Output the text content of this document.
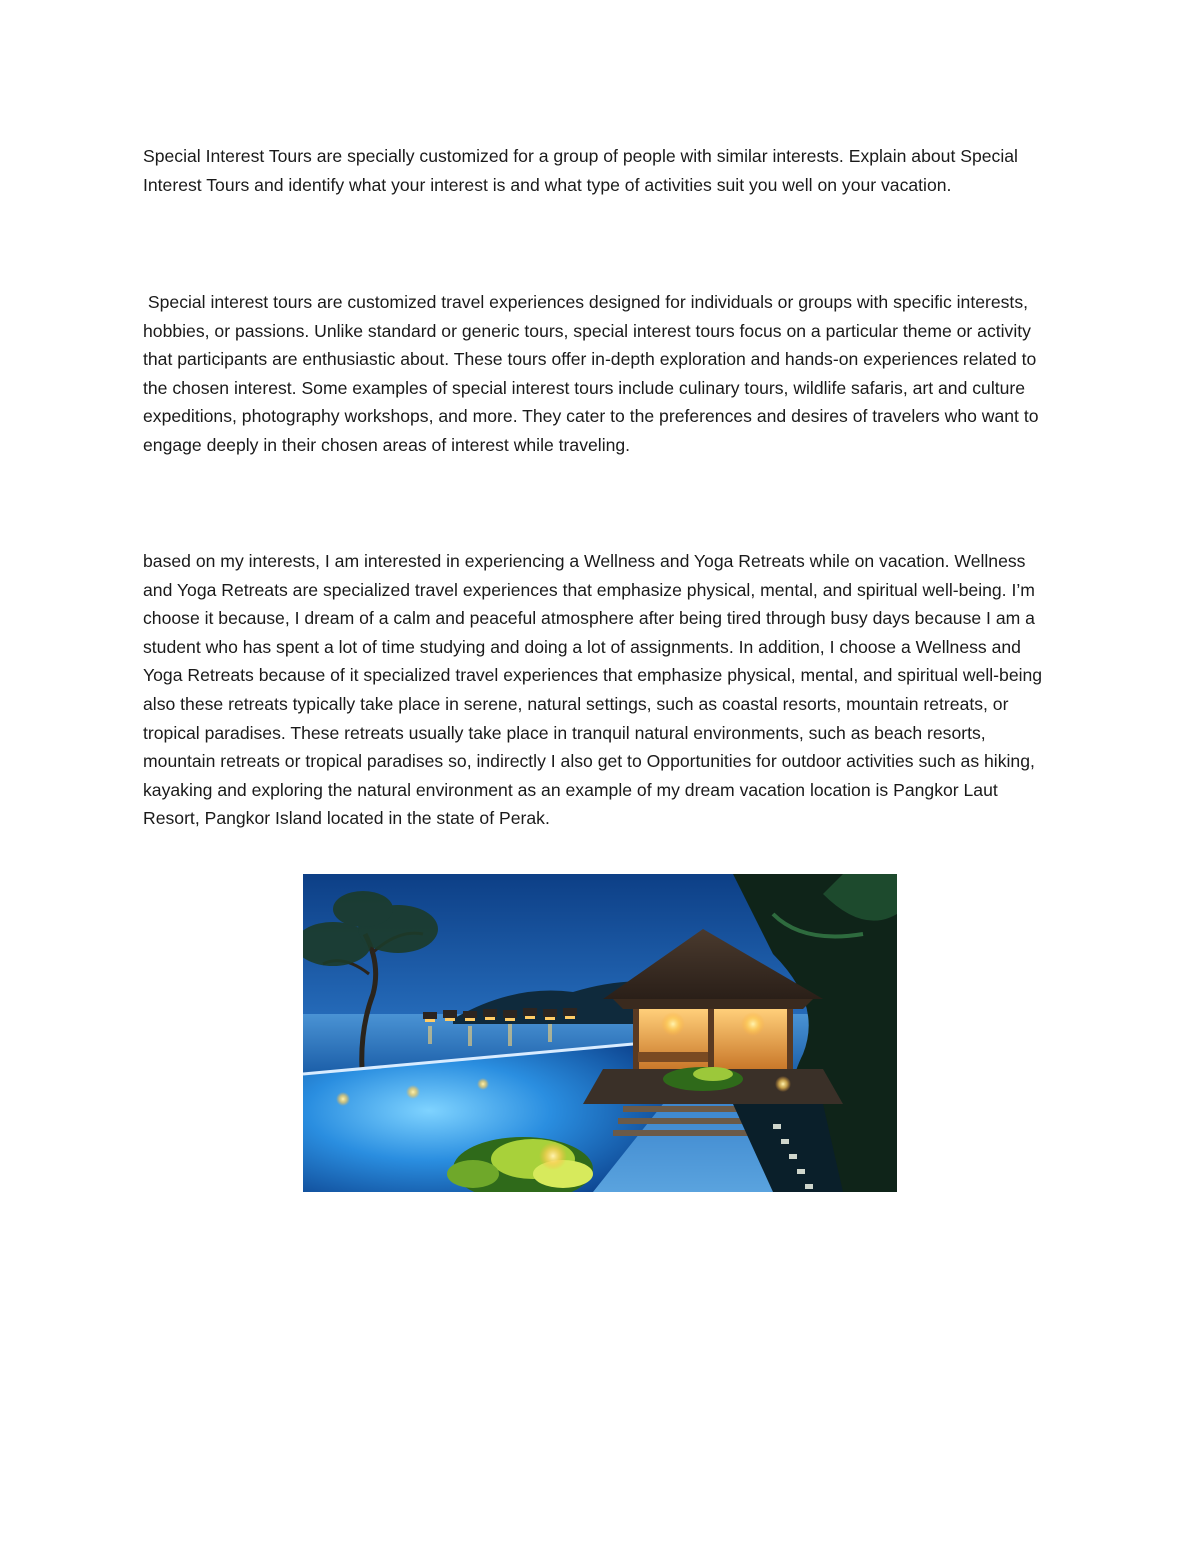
Special Interest Tours are specially customized for a group of people with similar interests. Explain about Special Interest Tours and identify what your interest is and what type of activities suit you well on your vacation.

Special interest tours are customized travel experiences designed for individuals or groups with specific interests, hobbies, or passions. Unlike standard or generic tours, special interest tours focus on a particular theme or activity that participants are enthusiastic about. These tours offer in-depth exploration and hands-on experiences related to the chosen interest. Some examples of special interest tours include culinary tours, wildlife safaris, art and culture expeditions, photography workshops, and more. They cater to the preferences and desires of travelers who want to engage deeply in their chosen areas of interest while traveling.

based on my interests, I am interested in experiencing a Wellness and Yoga Retreats while on vacation. Wellness and Yoga Retreats are specialized travel experiences that emphasize physical, mental, and spiritual well-being. I’m choose it because, I dream of a calm and peaceful atmosphere after being tired through busy days because I am a student who has spent a lot of time studying and doing a lot of assignments. In addition, I choose a Wellness and Yoga Retreats because of it specialized travel experiences that emphasize physical, mental, and spiritual well-being also these retreats typically take place in serene, natural settings, such as coastal resorts, mountain retreats, or tropical paradises. These retreats usually take place in tranquil natural environments, such as beach resorts, mountain retreats or tropical paradises so, indirectly I also get to Opportunities for outdoor activities such as hiking, kayaking and exploring the natural environment as an example of my dream vacation location is Pangkor Laut Resort, Pangkor Island located in the state of Perak.
